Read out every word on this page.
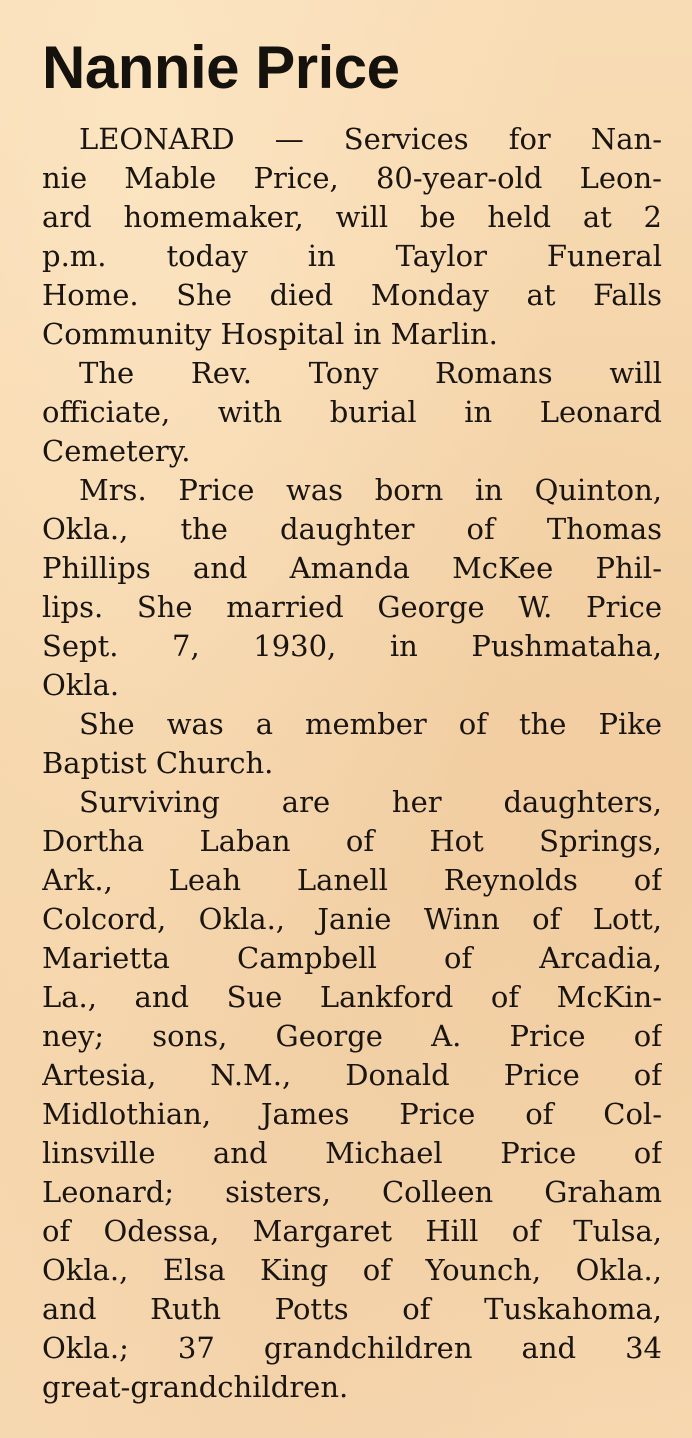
Nannie Price
LEONARD — Services for Nan-
nie Mable Price, 80-year-old Leon-
ard homemaker, will be held at 2
p.m. today in Taylor Funeral
Home. She died Monday at Falls
Community Hospital in Marlin.
The Rev. Tony Romans will
officiate, with burial in Leonard
Cemetery.
Mrs. Price was born in Quinton,
Okla., the daughter of Thomas
Phillips and Amanda McKee Phil-
lips. She married George W. Price
Sept. 7, 1930, in Pushmataha,
Okla.
She was a member of the Pike
Baptist Church.
Surviving are her daughters,
Dortha Laban of Hot Springs,
Ark., Leah Lanell Reynolds of
Colcord, Okla., Janie Winn of Lott,
Marietta Campbell of Arcadia,
La., and Sue Lankford of McKin-
ney; sons, George A. Price of
Artesia, N.M., Donald Price of
Midlothian, James Price of Col-
linsville and Michael Price of
Leonard; sisters, Colleen Graham
of Odessa, Margaret Hill of Tulsa,
Okla., Elsa King of Younch, Okla.,
and Ruth Potts of Tuskahoma,
Okla.; 37 grandchildren and 34
great-grandchildren.
